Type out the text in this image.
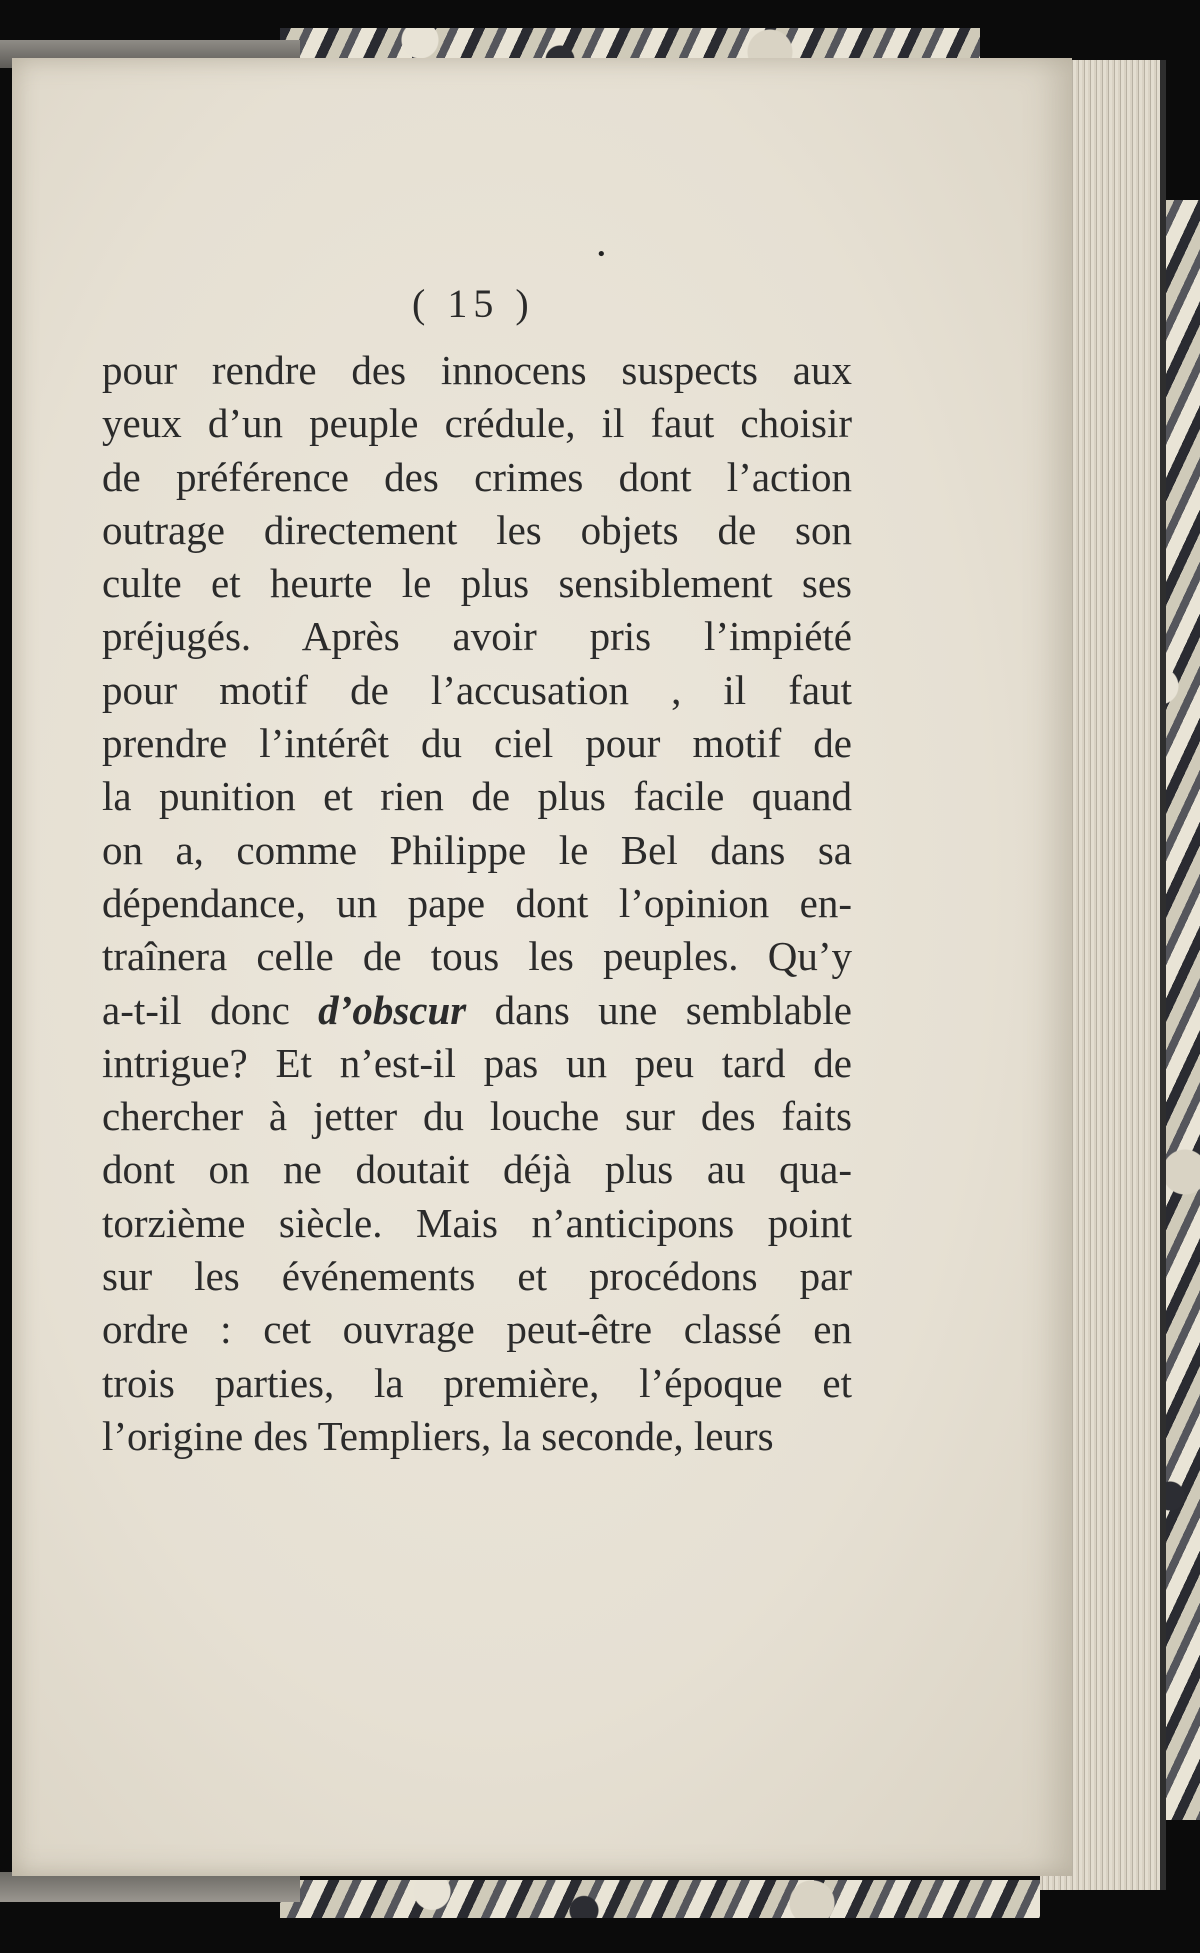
•
( 15 )
pour rendre des innocens suspects aux
yeux d’un peuple crédule, il faut choisir
de préférence des crimes dont l’action
outrage directement les objets de son
culte et heurte le plus sensiblement ses
préjugés. Après avoir pris l’impiété
pour motif de l’accusation , il faut
prendre l’intérêt du ciel pour motif de
la punition et rien de plus facile quand
on a, comme Philippe le Bel dans sa
dépendance, un pape dont l’opinion en-
traînera celle de tous les peuples. Qu’y
a-t-il donc d’obscur dans une semblable
intrigue? Et n’est-il pas un peu tard de
chercher à jetter du louche sur des faits
dont on ne doutait déjà plus au qua-
torzième siècle. Mais n’anticipons point
sur les événements et procédons par
ordre : cet ouvrage peut-être classé en
trois parties, la première, l’époque et
l’origine des Templiers, la seconde, leurs
